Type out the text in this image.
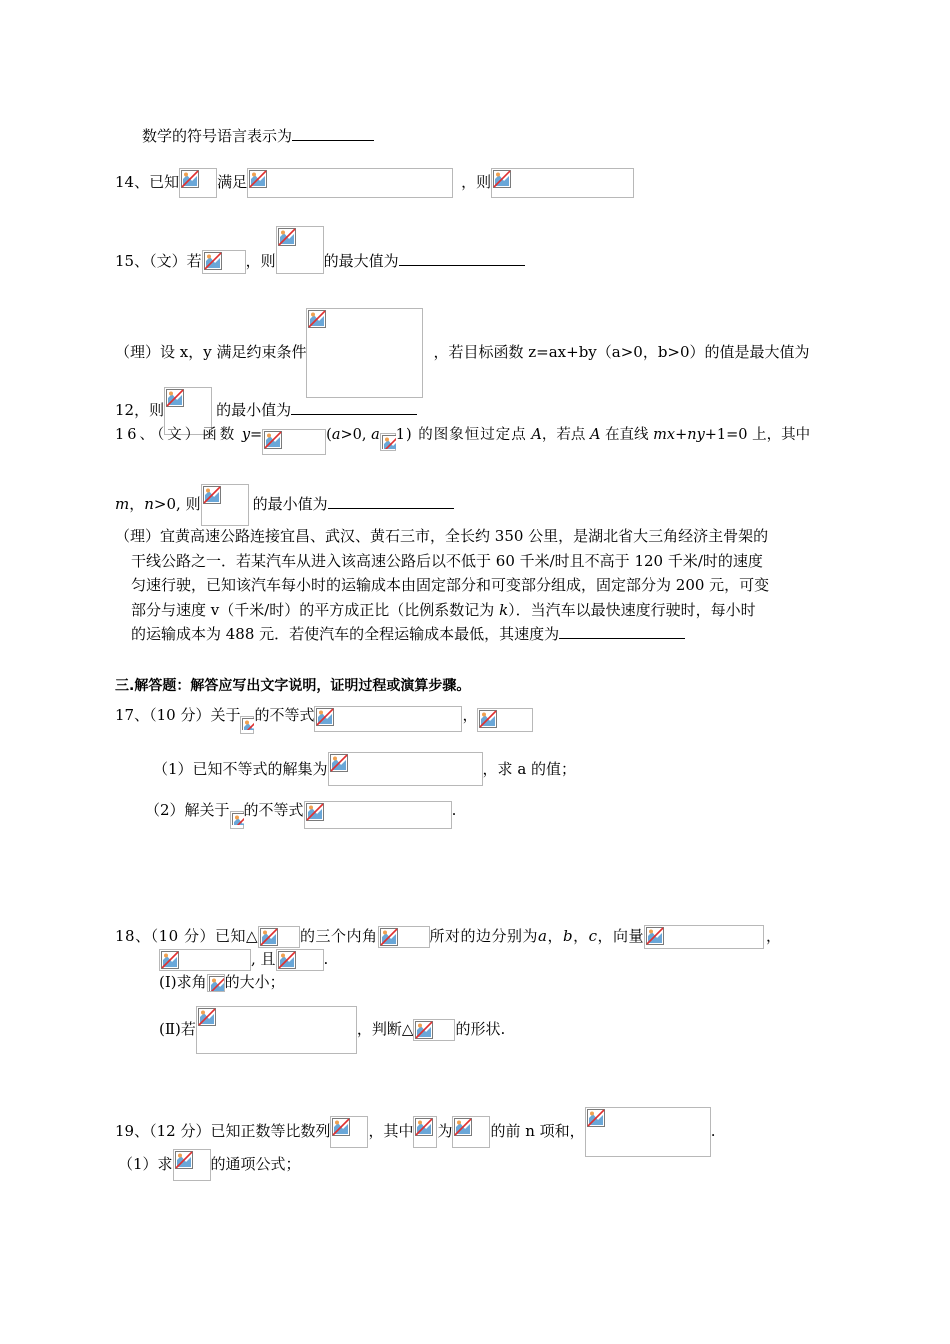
数学的符号语言表示为
14、已知	满足	，则
15、（文）若	，则	的最大值为
（理）设 x，y 满足约束条件	，若目标函数 z=ax+by（a>0，b>0）的值是最大值为
12，则	的最小值为
16、（文）函数 y=	(a>0, a 1) 的图象恒过定点 A，若点 A 在直线 mx+ny+1=0 上，其中
m，n>0, 则	的最小值为
（理）宜黄高速公路连接宜昌、武汉、黄石三市，全长约 350 公里，是湖北省大三角经济主骨架的
干线公路之一．若某汽车从进入该高速公路后以不低于 60 千米/时且不高于 120 千米/时的速度
匀速行驶，已知该汽车每小时的运输成本由固定部分和可变部分组成，固定部分为 200 元，可变
部分与速度 v（千米/时）的平方成正比（比例系数记为 k）．当汽车以最快速度行驶时，每小时
的运输成本为 488 元．若使汽车的全程运输成本最低，其速度为
三.解答题：解答应写出文字说明，证明过程或演算步骤。
17、（10 分）关于 的不等式	，
（1）已知不等式的解集为	，求 a 的值；
（2）解关于 的不等式	.
18、（10 分）已知△	的三个内角	所对的边分别为a，b，c，向量	，
, 且	.
(Ⅰ)求角 的大小；
(Ⅱ)若	，判断△	的形状.
19、（12 分）已知正数等比数列	，其中 为	的前 n 项和，	.
（1）求	的通项公式；
